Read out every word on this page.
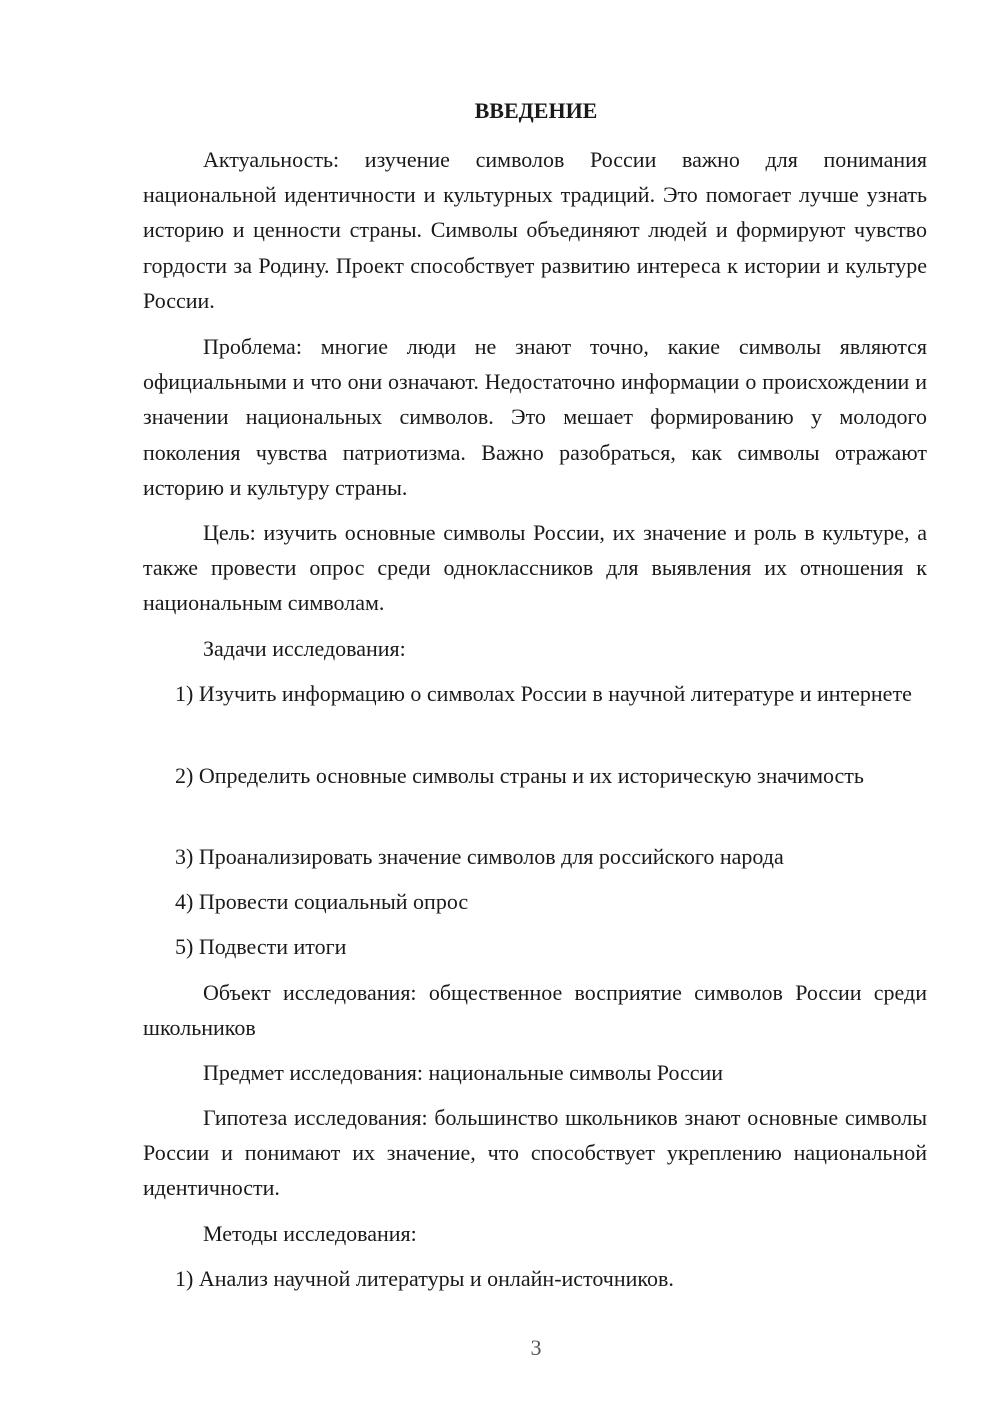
ВВЕДЕНИЕ

Актуальность: изучение символов России важно для понимания национальной идентичности и культурных традиций. Это помогает лучше узнать историю и ценности страны. Символы объединяют людей и формируют чувство гордости за Родину. Проект способствует развитию интереса к истории и культуре России.

Проблема: многие люди не знают точно, какие символы являются официальными и что они означают. Недостаточно информации о происхождении и значении национальных символов. Это мешает формированию у молодого поколения чувства патриотизма. Важно разобраться, как символы отражают историю и культуру страны.

Цель: изучить основные символы России, их значение и роль в культуре, а также провести опрос среди одноклассников для выявления их отношения к национальным символам.

Задачи исследования:

1) Изучить информацию о символах России в научной литературе и интернете

2) Определить основные символы страны и их историческую значимость

3) Проанализировать значение символов для российского народа

4) Провести социальный опрос

5) Подвести итоги

Объект исследования: общественное восприятие символов России среди школьников

Предмет исследования: национальные символы России

Гипотеза исследования: большинство школьников знают основные символы России и понимают их значение, что способствует укреплению национальной идентичности.

Методы исследования:

1) Анализ научной литературы и онлайн-источников.

3
